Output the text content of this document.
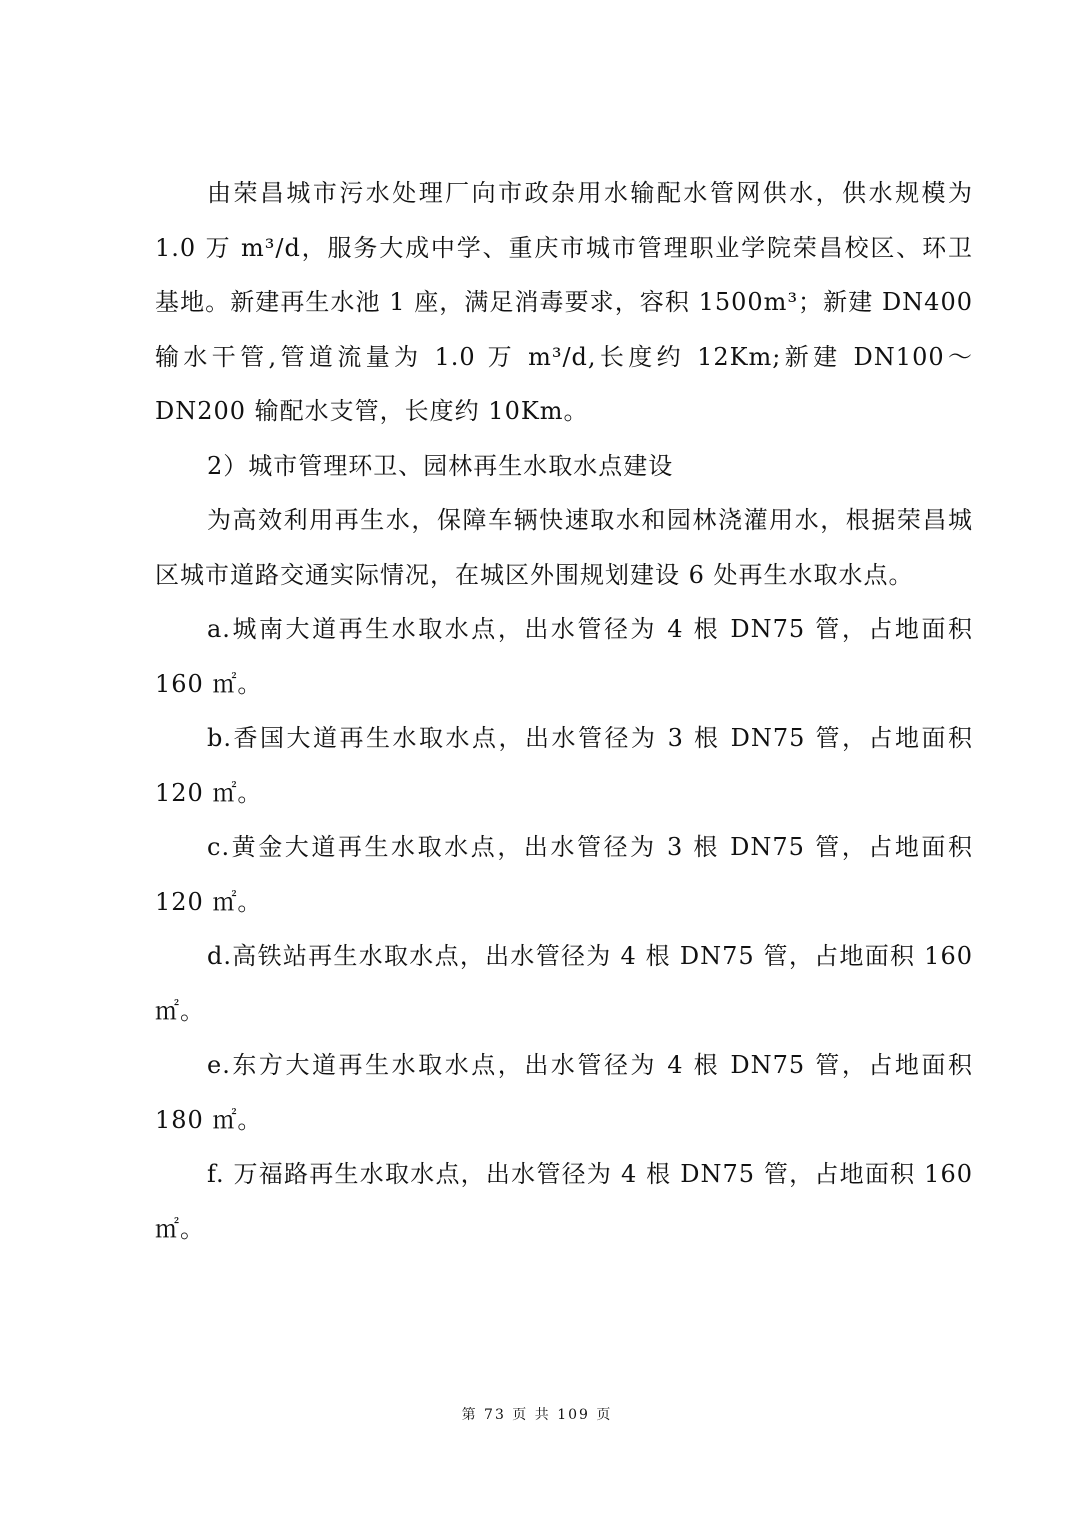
由荣昌城市污水处理厂向市政杂用水输配水管网供水，供水规模为 1.0 万 m³/d，服务大成中学、重庆市城市管理职业学院荣昌校区、环卫基地。新建再生水池 1 座，满足消毒要求，容积 1500m³；新建 DN400 输水干管,管道流量为 1.0 万 m³/d,长度约 12Km;新建 DN100～DN200 输配水支管，长度约 10Km。

2）城市管理环卫、园林再生水取水点建设

为高效利用再生水，保障车辆快速取水和园林浇灌用水，根据荣昌城区城市道路交通实际情况，在城区外围规划建设 6 处再生水取水点。

a.城南大道再生水取水点，出水管径为 4 根 DN75 管，占地面积 160 ㎡。

b.香国大道再生水取水点，出水管径为 3 根 DN75 管，占地面积 120 ㎡。

c.黄金大道再生水取水点，出水管径为 3 根 DN75 管，占地面积 120 ㎡。

d.高铁站再生水取水点，出水管径为 4 根 DN75 管，占地面积 160 ㎡。

e.东方大道再生水取水点，出水管径为 4 根 DN75 管，占地面积 180 ㎡。

f. 万福路再生水取水点，出水管径为 4 根 DN75 管，占地面积 160 ㎡。

第 73 页 共 109 页
